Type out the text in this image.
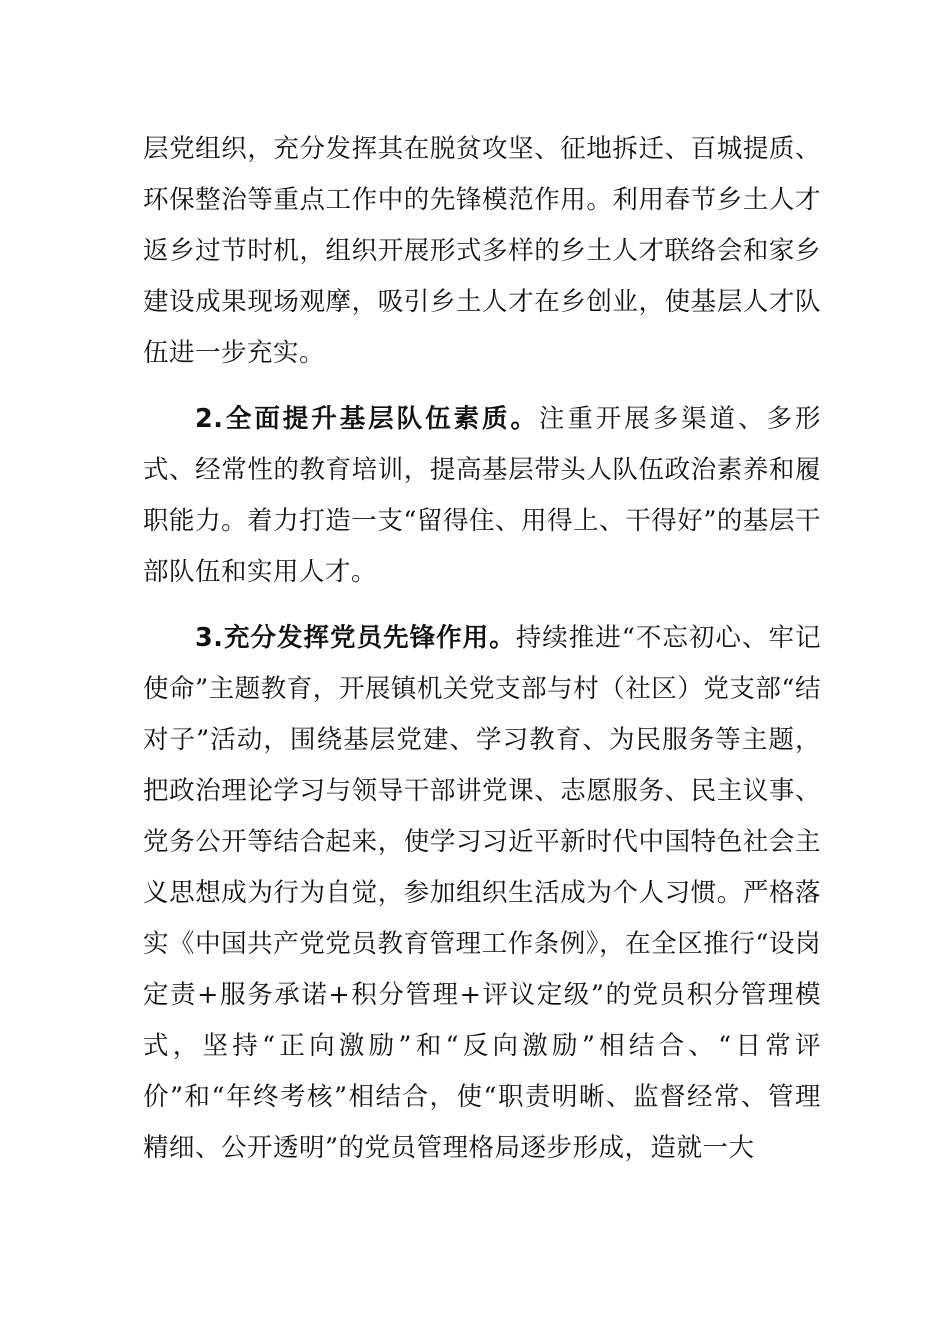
层党组织，充分发挥其在脱贫攻坚、征地拆迁、百城提质、环保整治等重点工作中的先锋模范作用。利用春节乡土人才返乡过节时机，组织开展形式多样的乡土人才联络会和家乡建设成果现场观摩，吸引乡土人才在乡创业，使基层人才队伍进一步充实。

2.全面提升基层队伍素质。注重开展多渠道、多形式、经常性的教育培训，提高基层带头人队伍政治素养和履职能力。着力打造一支“留得住、用得上、干得好”的基层干部队伍和实用人才。

3.充分发挥党员先锋作用。持续推进“不忘初心、牢记使命”主题教育，开展镇机关党支部与村（社区）党支部“结对子”活动，围绕基层党建、学习教育、为民服务等主题，把政治理论学习与领导干部讲党课、志愿服务、民主议事、党务公开等结合起来，使学习习近平新时代中国特色社会主义思想成为行为自觉，参加组织生活成为个人习惯。严格落实《中国共产党党员教育管理工作条例》，在全区推行“设岗定责+服务承诺+积分管理+评议定级”的党员积分管理模式，坚持“正向激励”和“反向激励”相结合、“日常评价”和“年终考核”相结合，使“职责明晰、监督经常、管理精细、公开透明”的党员管理格局逐步形成，造就一大
